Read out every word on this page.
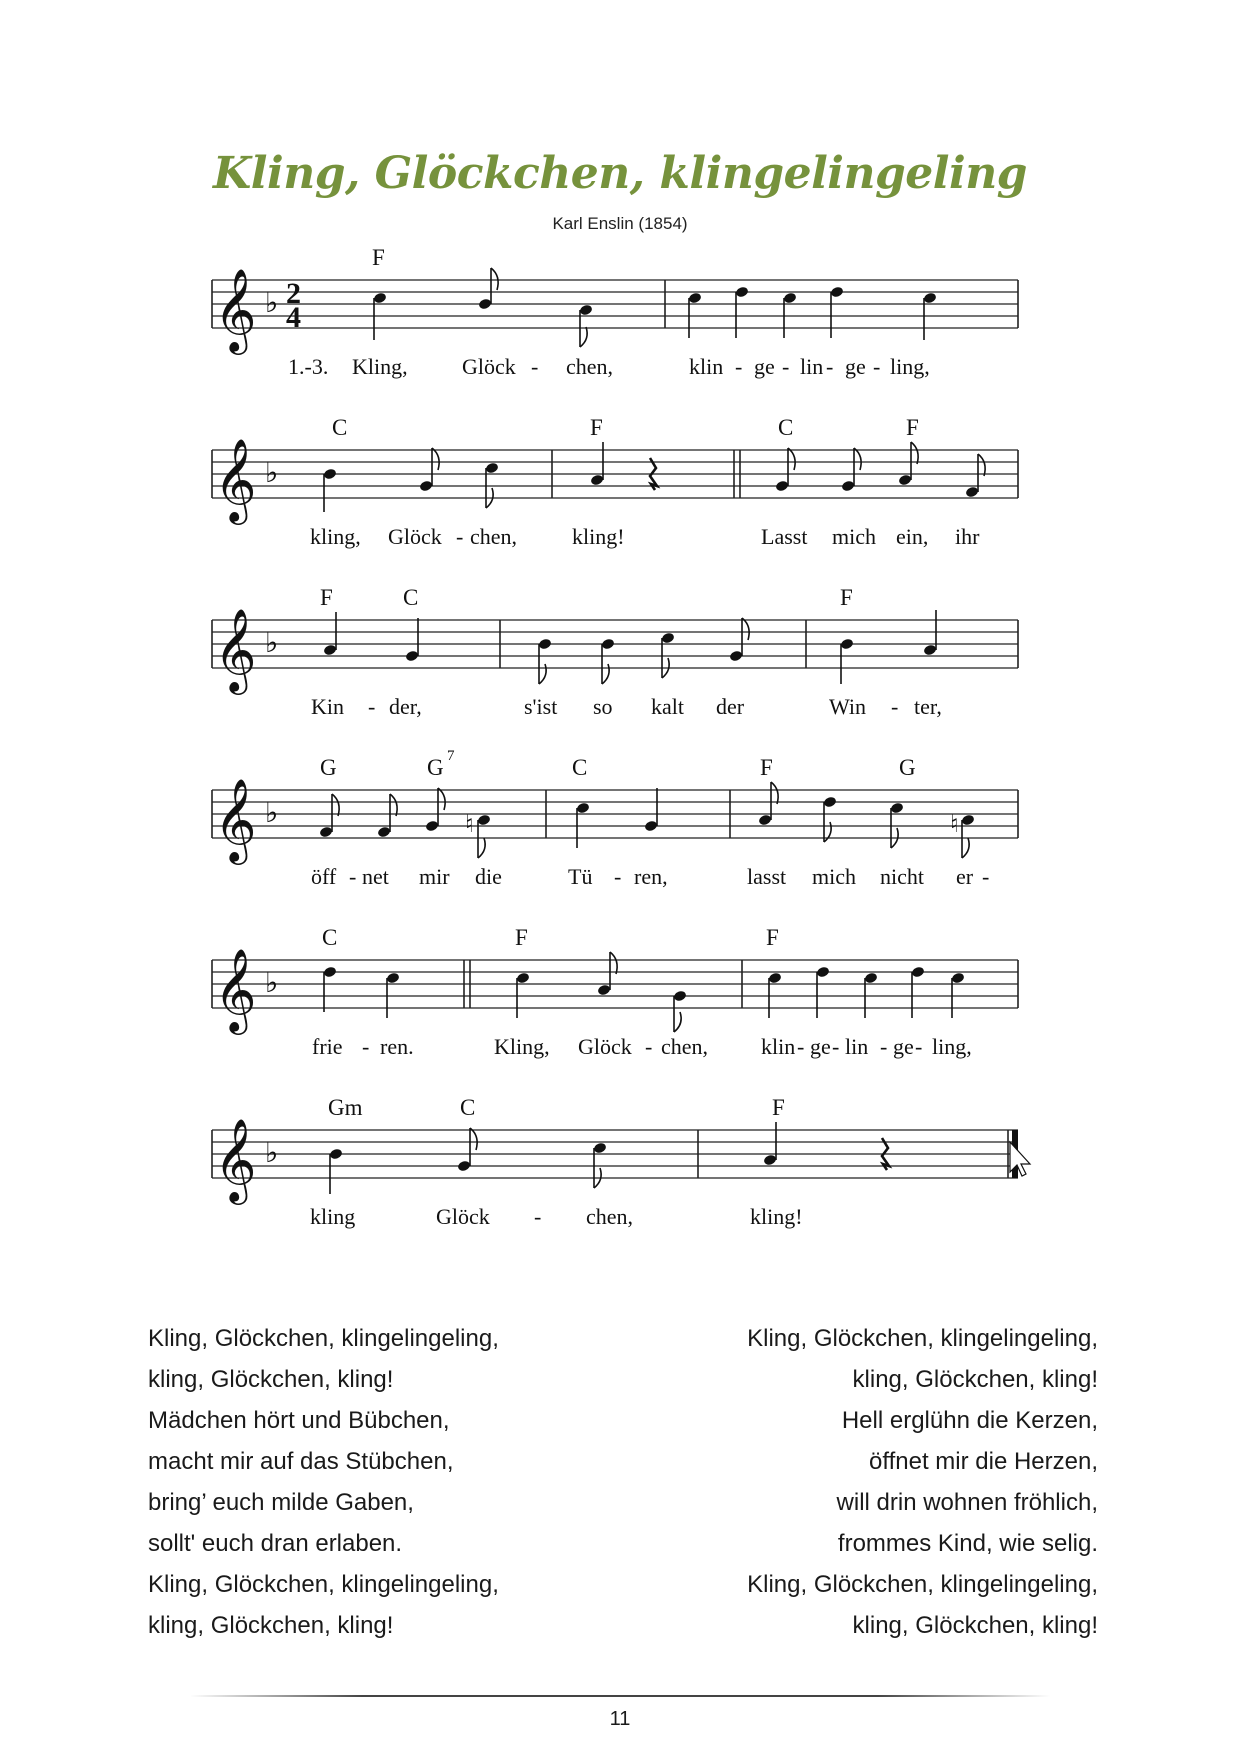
Kling, Glöckchen, klingelingeling
Karl Enslin (1854)
𝄞 ♭ 2
4
F
1.-3. Kling, Glöck - chen,	klin - ge - lin - ge - ling,
𝄞 ♭
C	F	C	F
kling, Glöck - chen, kling!	Lasst mich ein, ihr
𝄞 ♭
F	C	F
Kin - der,	s'ist so kalt der	Win - ter,
𝄞 ♭
G	G 7	C	F	G
♮	♮
öff - net mir die	Tü - ren,	lasst mich nicht er -
𝄞 ♭
C	F	F
frie - ren.	Kling, Glöck - chen, klin - ge - lin - ge - ling,
𝄞 ♭
Gm	C	F
kling	Glöck - chen,	kling!
Kling, Glöckchen, klingelingeling,
kling, Glöckchen, kling!
Mädchen hört und Bübchen,
macht mir auf das Stübchen,
bring’ euch milde Gaben,
sollt' euch dran erlaben.
Kling, Glöckchen, klingelingeling,
kling, Glöckchen, kling!
Kling, Glöckchen, klingelingeling,
kling, Glöckchen, kling!
Hell erglühn die Kerzen,
öffnet mir die Herzen,
will drin wohnen fröhlich,
frommes Kind, wie selig.
Kling, Glöckchen, klingelingeling,
kling, Glöckchen, kling!
11
